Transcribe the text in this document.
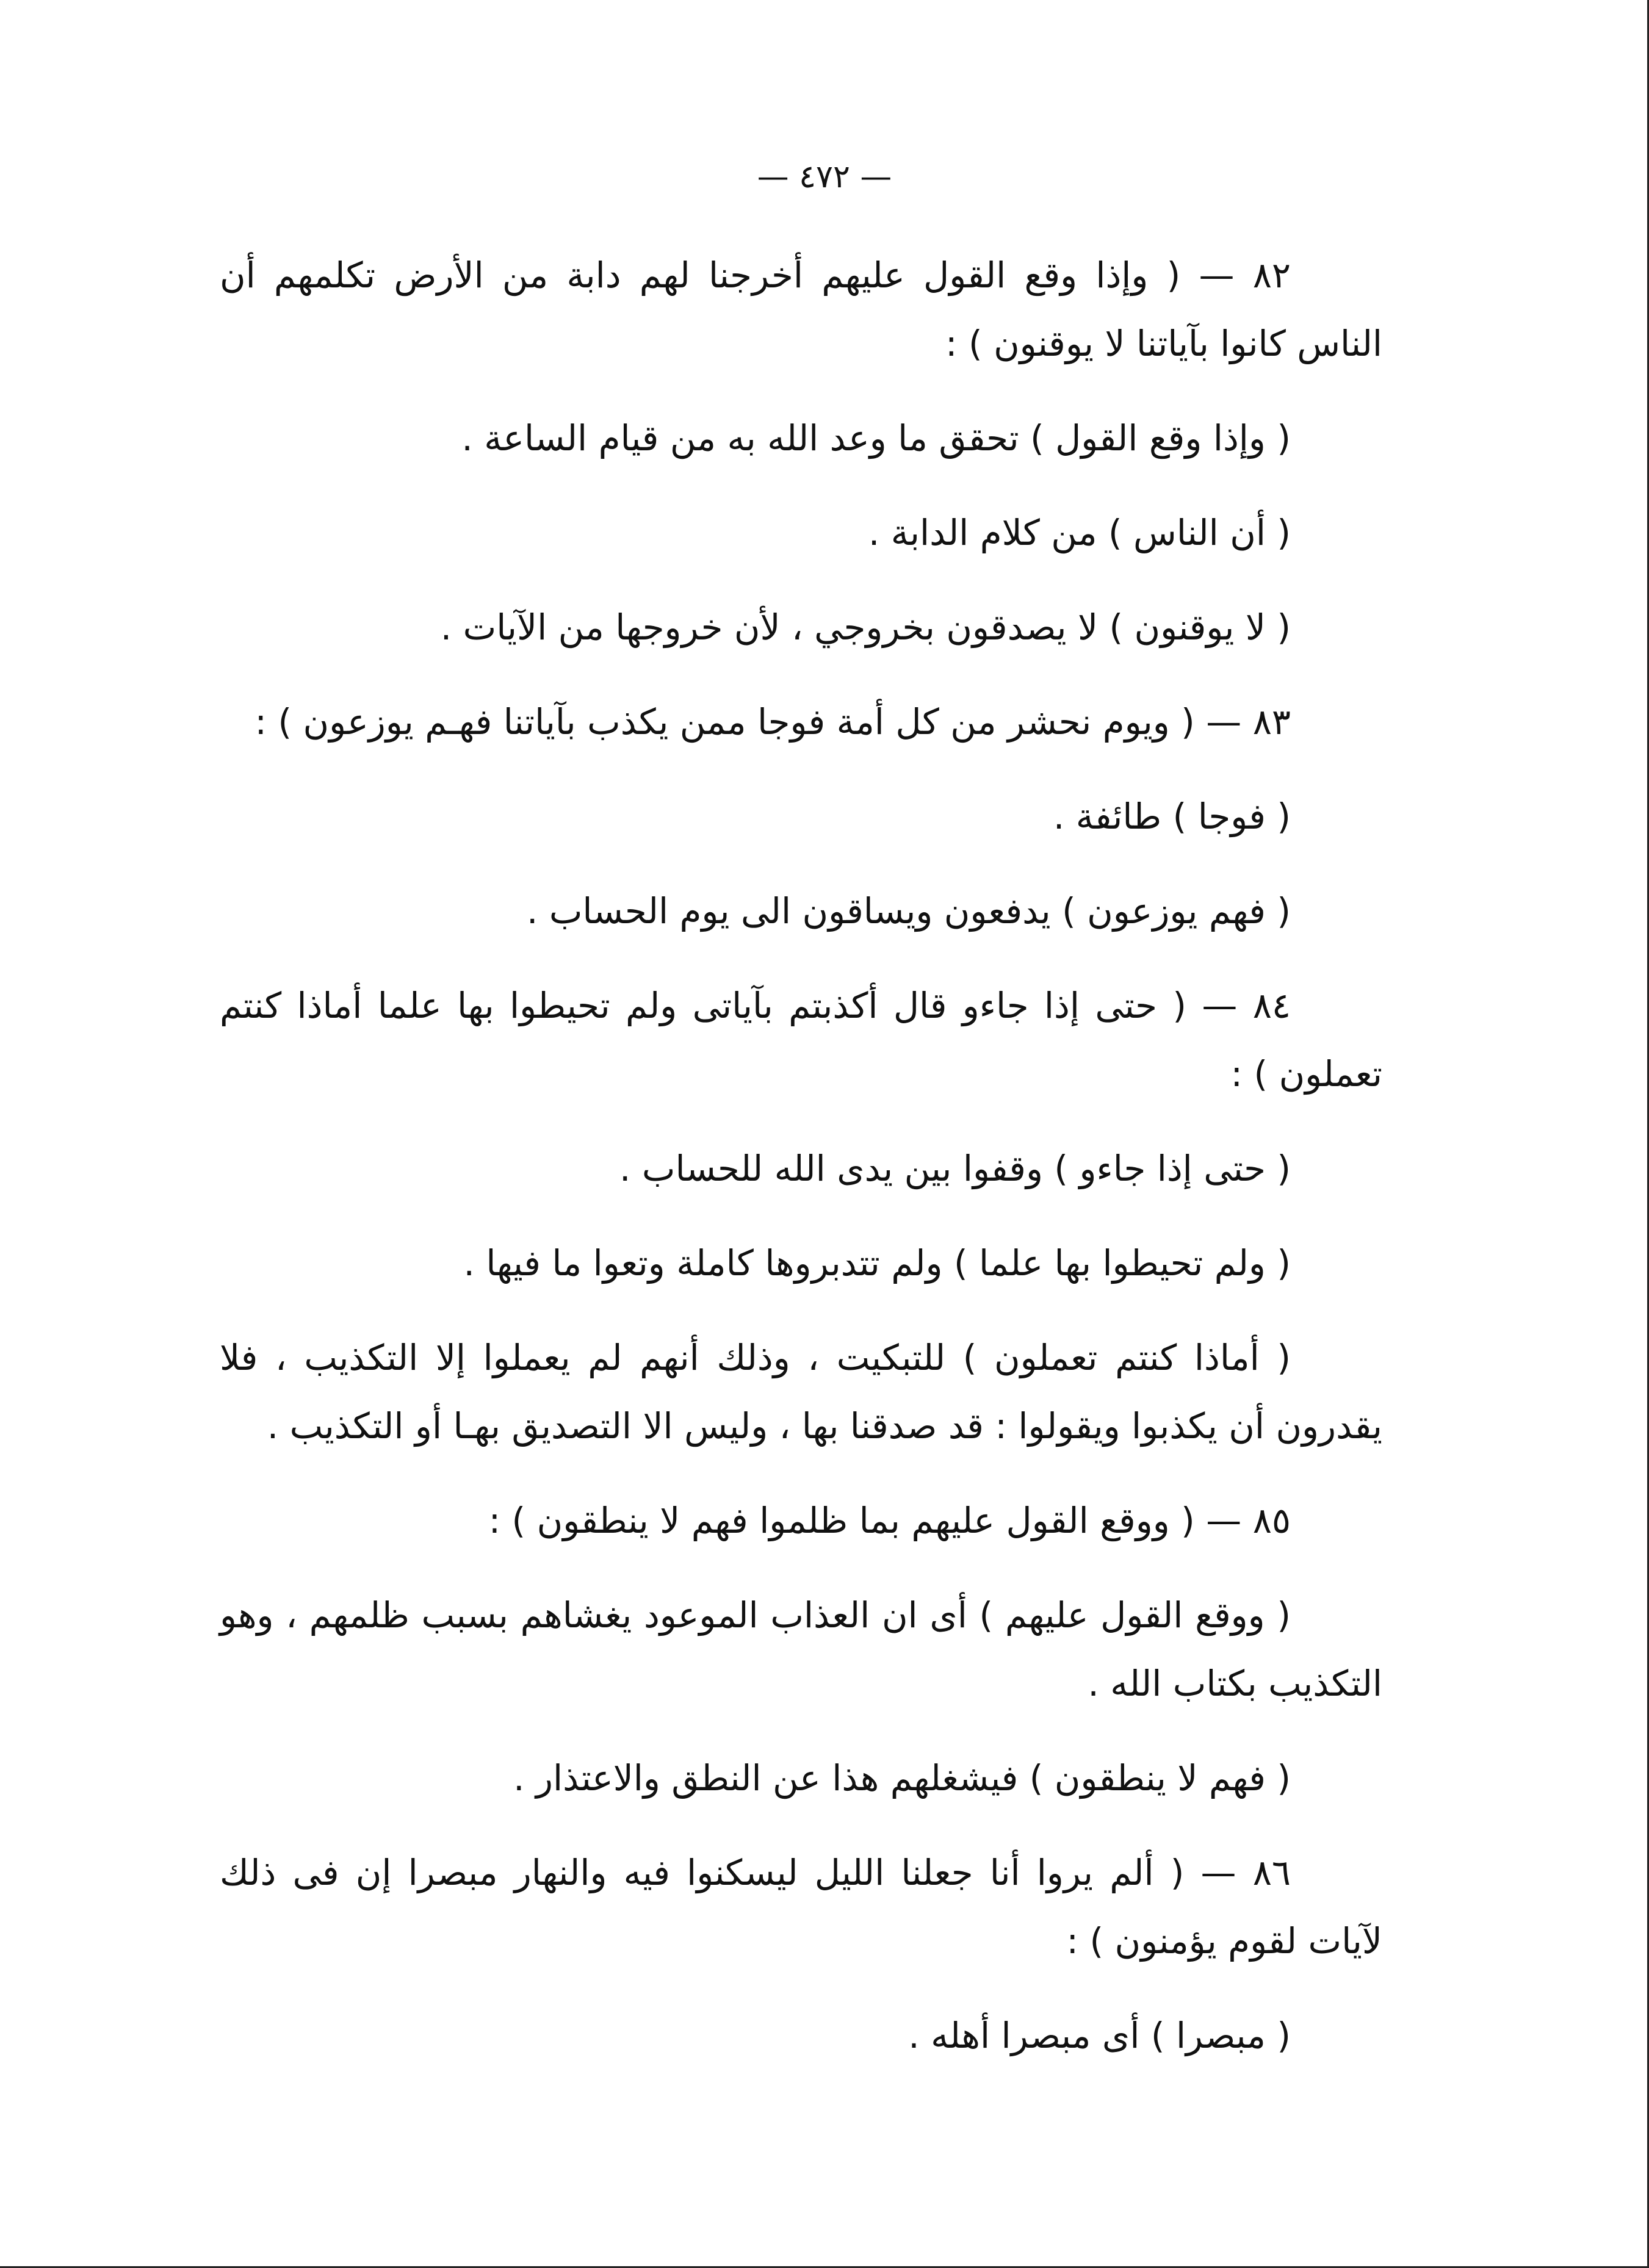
— ٤٧٢ —

٨٢ — ( وإذا وقع القول عليهم أخرجنا لهم دابة من الأرض تكلمهم أن الناس كانوا بآياتنا لا يوقنون ) :

( وإذا وقع القول ) تحقق ما وعد الله به من قيام الساعة .

( أن الناس ) من كلام الدابة .

( لا يوقنون ) لا يصدقون بخروجي ، لأن خروجها من الآيات .

٨٣ — ( ويوم نحشر من كل أمة فوجا ممن يكذب بآياتنا فهـم يوزعون ) :

( فوجا ) طائفة .

( فهم يوزعون ) يدفعون ويساقون الى يوم الحساب .

٨٤ — ( حتى إذا جاءو قال أكذبتم بآياتى ولم تحيطوا بها علما أماذا كنتم تعملون ) :

( حتى إذا جاءو ) وقفوا بين يدى الله للحساب .

( ولم تحيطوا بها علما ) ولم تتدبروها كاملة وتعوا ما فيها .

( أماذا كنتم تعملون ) للتبكيت ، وذلك أنهم لم يعملوا إلا التكذيب ، فلا يقدرون أن يكذبوا ويقولوا : قد صدقنا بها ، وليس الا التصديق بهـا أو التكذيب .

٨٥ — ( ووقع القول عليهم بما ظلموا فهم لا ينطقون ) :

( ووقع القول عليهم ) أى ان العذاب الموعود يغشاهم بسبب ظلمهم ، وهو التكذيب بكتاب الله .

( فهم لا ينطقون ) فيشغلهم هذا عن النطق والاعتذار .

٨٦ — ( ألم يروا أنا جعلنا الليل ليسكنوا فيه والنهار مبصرا إن فى ذلك لآيات لقوم يؤمنون ) :

( مبصرا ) أى مبصرا أهله .
